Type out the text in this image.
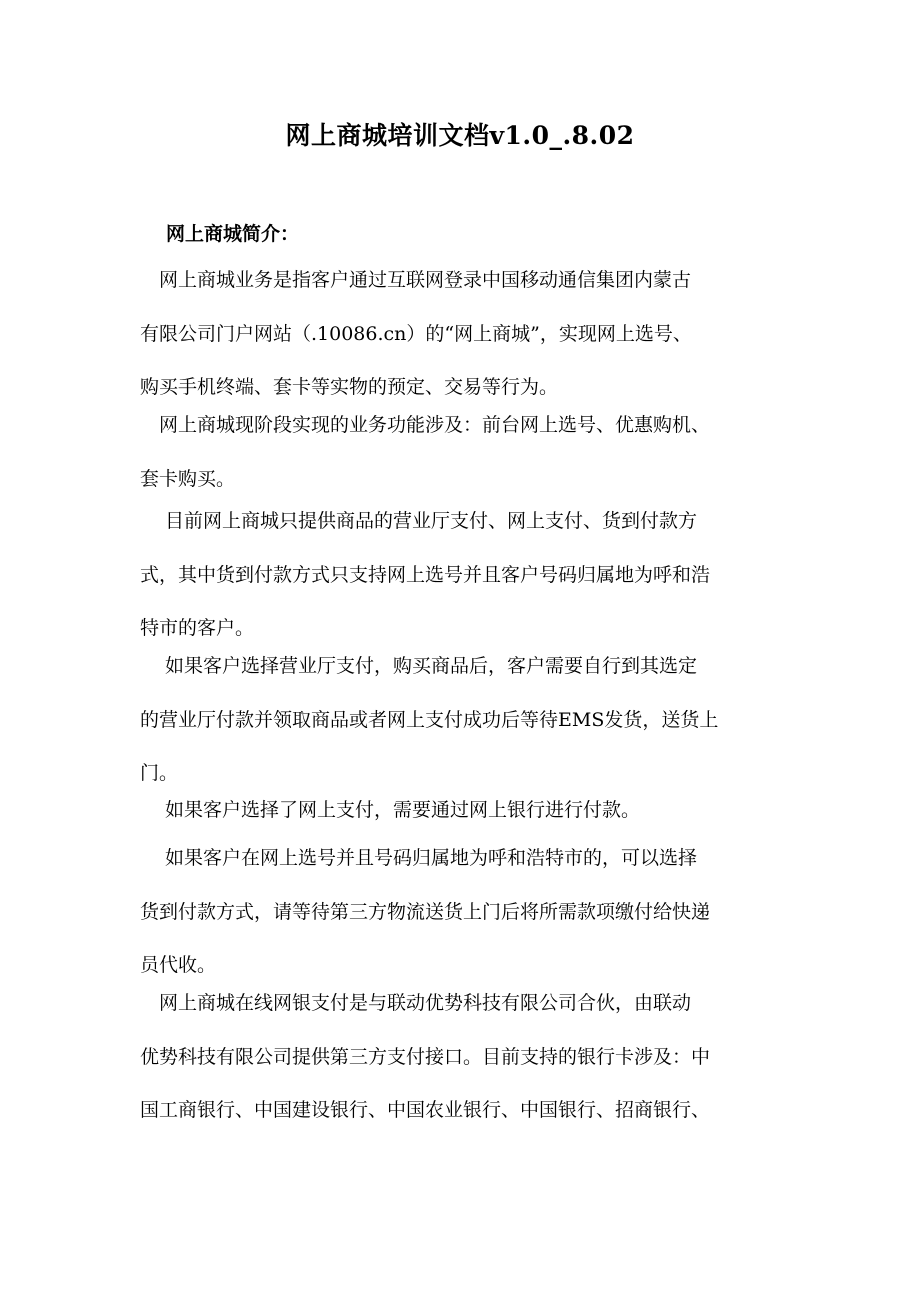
网上商城培训文档v1.0_.8.02
网上商城简介：
　网上商城业务是指客户通过互联网登录中国移动通信集团内蒙古
有限公司门户网站（.10086.cn）的“网上商城”，实现网上选号、
购买手机终端、套卡等实物的预定、交易等行为。
　网上商城现阶段实现的业务功能涉及：前台网上选号、优惠购机、
套卡购买。
　 目前网上商城只提供商品的营业厅支付、网上支付、货到付款方
式，其中货到付款方式只支持网上选号并且客户号码归属地为呼和浩
特市的客户。
　 如果客户选择营业厅支付，购买商品后，客户需要自行到其选定
的营业厅付款并领取商品或者网上支付成功后等待EMS发货，送货上
门。
　 如果客户选择了网上支付，需要通过网上银行进行付款。
　 如果客户在网上选号并且号码归属地为呼和浩特市的，可以选择
货到付款方式，请等待第三方物流送货上门后将所需款项缴付给快递
员代收。
　网上商城在线网银支付是与联动优势科技有限公司合伙，由联动
优势科技有限公司提供第三方支付接口。目前支持的银行卡涉及：中
国工商银行、中国建设银行、中国农业银行、中国银行、招商银行、
